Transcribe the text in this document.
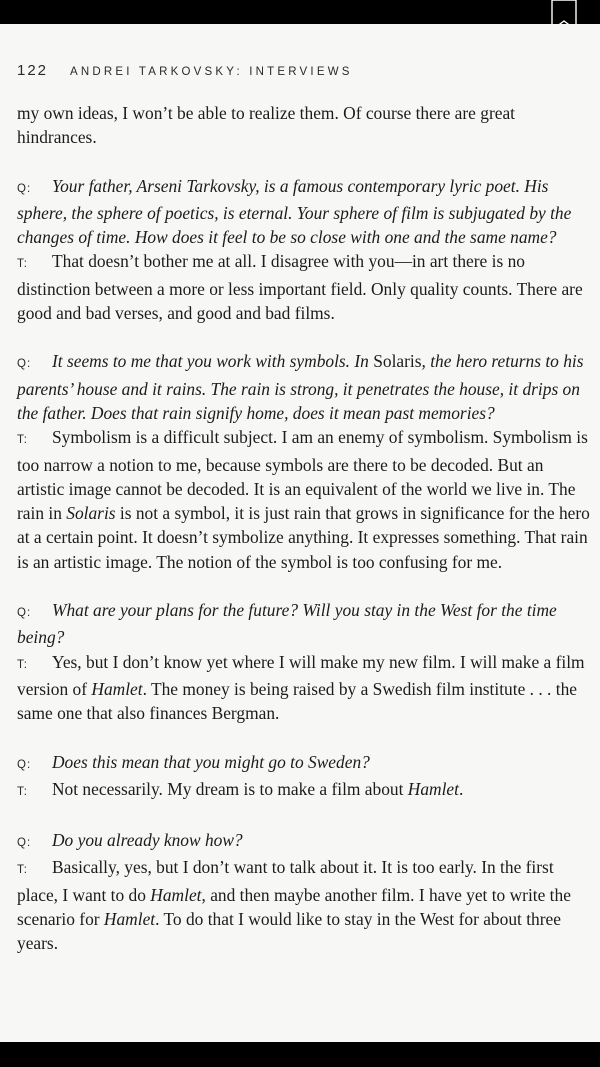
122 ANDREI TARKOVSKY: INTERVIEWS

my own ideas, I won’t be able to realize them. Of course there are great hindrances.

Q: Your father, Arseni Tarkovsky, is a famous contemporary lyric poet. His sphere, the sphere of poetics, is eternal. Your sphere of film is subjugated by the changes of time. How does it feel to be so close with one and the same name?

T: That doesn’t bother me at all. I disagree with you—in art there is no distinction between a more or less important field. Only quality counts. There are good and bad verses, and good and bad films.

Q: It seems to me that you work with symbols. In Solaris, the hero returns to his parents’ house and it rains. The rain is strong, it penetrates the house, it drips on the father. Does that rain signify home, does it mean past memories?

T: Symbolism is a difficult subject. I am an enemy of symbolism. Symbolism is too narrow a notion to me, because symbols are there to be decoded. But an artistic image cannot be decoded. It is an equivalent of the world we live in. The rain in Solaris is not a symbol, it is just rain that grows in significance for the hero at a certain point. It doesn’t symbolize anything. It expresses something. That rain is an artistic image. The notion of the symbol is too confusing for me.

Q: What are your plans for the future? Will you stay in the West for the time being?

T: Yes, but I don’t know yet where I will make my new film. I will make a film version of Hamlet. The money is being raised by a Swedish film institute . . . the same one that also finances Bergman.

Q: Does this mean that you might go to Sweden?

T: Not necessarily. My dream is to make a film about Hamlet.

Q: Do you already know how?

T: Basically, yes, but I don’t want to talk about it. It is too early. In the first place, I want to do Hamlet, and then maybe another film. I have yet to write the scenario for Hamlet. To do that I would like to stay in the West for about three years.
